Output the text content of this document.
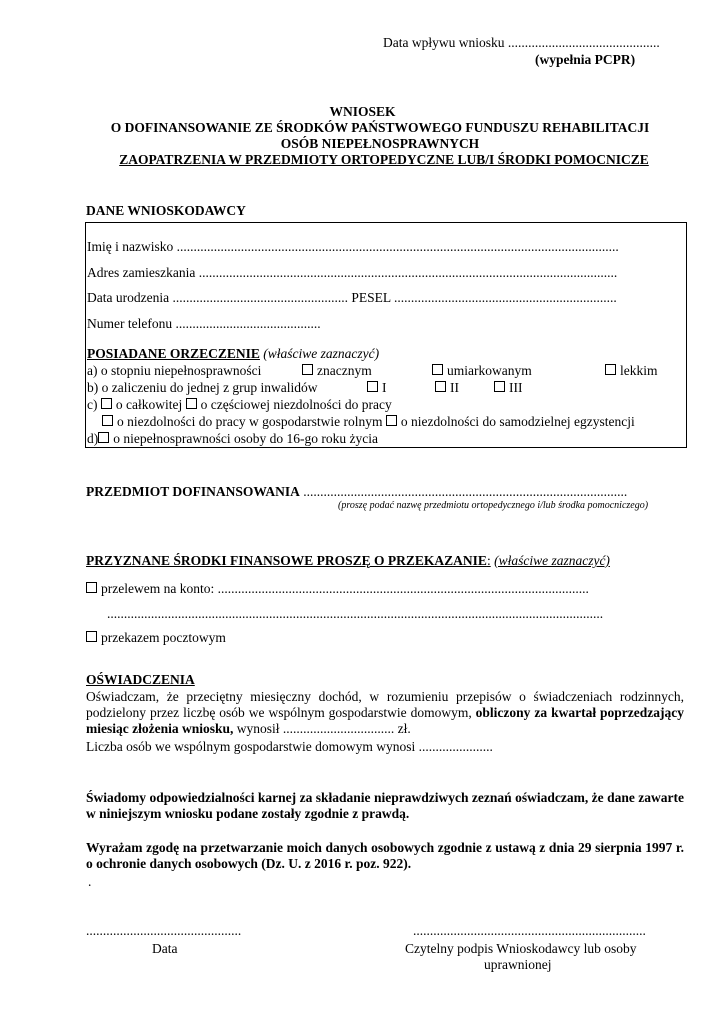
Data wpływu wniosku .............................................
(wypełnia PCPR)
WNIOSEK
O DOFINANSOWANIE ZE ŚRODKÓW PAŃSTWOWEGO FUNDUSZU REHABILITACJI
OSÓB NIEPEŁNOSPRAWNYCH
ZAOPATRZENIA W PRZEDMIOTY ORTOPEDYCZNE LUB/I ŚRODKI POMOCNICZE
DANE WNIOSKODAWCY
Imię i nazwisko ...................................................................................................................................
Adres zamieszkania ............................................................................................................................
Data urodzenia .................................................... PESEL ..................................................................
Numer telefonu ...........................................
POSIADANE ORZECZENIE (właściwe zaznaczyć)
a) o stopniu niepełnosprawności	znacznym	umiarkowanym	lekkim
b) o zaliczeniu do jednej z grup inwalidów	I	II	III
c) o całkowitej o częściowej niezdolności do pracy
o niezdolności do pracy w gospodarstwie rolnym o niezdolności do samodzielnej egzystencji
d) o niepełnosprawności osoby do 16-go roku życia
PRZEDMIOT DOFINANSOWANIA ................................................................................................
(proszę podać nazwę przedmiotu ortopedycznego i/lub środka pomocniczego)
PRZYZNANE ŚRODKI FINANSOWE PROSZĘ O PRZEKAZANIE: (właściwe zaznaczyć)
przelewem na konto: ..............................................................................................................
...................................................................................................................................................
przekazem pocztowym
OŚWIADCZENIA
Oświadczam, że przeciętny miesięczny dochód, w rozumieniu przepisów o świadczeniach rodzinnych, podzielony przez liczbę osób we wspólnym gospodarstwie domowym, obliczony za kwartał poprzedzający miesiąc złożenia wniosku, wynosił ................................. zł.
Liczba osób we wspólnym gospodarstwie domowym wynosi ......................
Świadomy odpowiedzialności karnej za składanie nieprawdziwych zeznań oświadczam, że dane zawarte w niniejszym wniosku podane zostały zgodnie z prawdą.
Wyrażam zgodę na przetwarzanie moich danych osobowych zgodnie z ustawą z dnia 29 sierpnia 1997 r. o ochronie danych osobowych (Dz. U. z 2016 r. poz. 922).
.
..............................................
Data
.....................................................................
Czytelny podpis Wnioskodawcy lub osoby
uprawnionej
